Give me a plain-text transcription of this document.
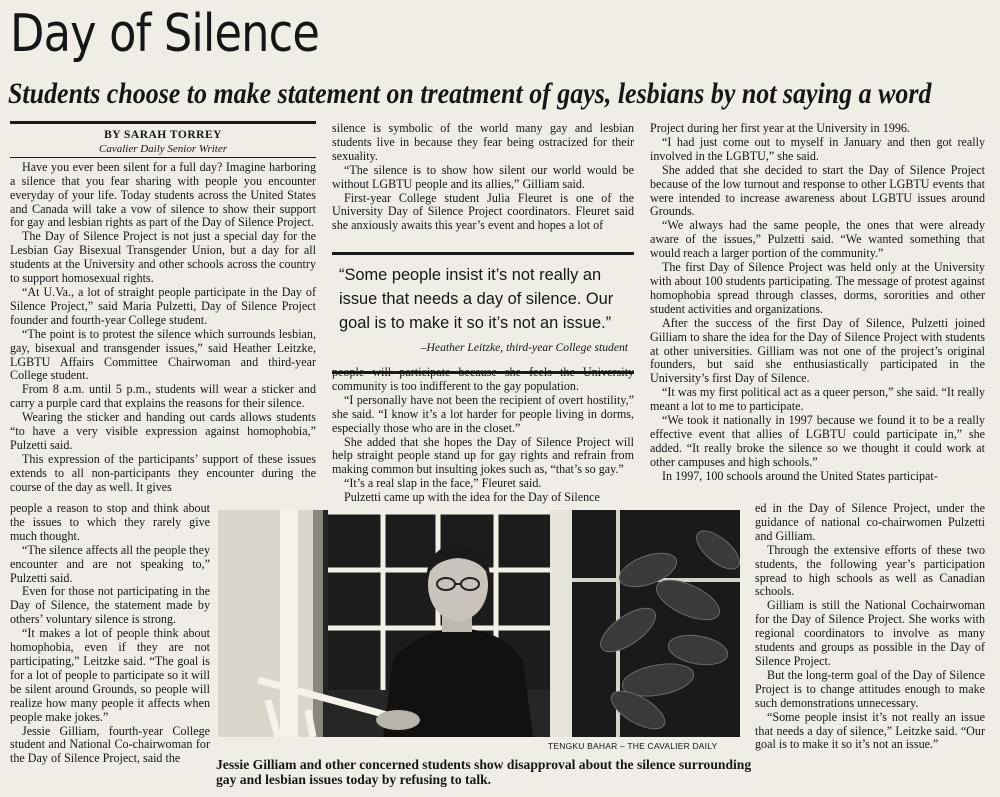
Day of Silence
Students choose to make statement on treatment of gays, lesbians by not saying a word

BY SARAH TORREY

Cavalier Daily Senior Writer

Have you ever been silent for a full day? Imagine harboring a silence that you fear sharing with people you encounter everyday of your life. Today students across the United States and Canada will take a vow of silence to show their support for gay and lesbian rights as part of the Day of Silence Project.

The Day of Silence Project is not just a special day for the Lesbian Gay Bisexual Transgender Union, but a day for all students at the University and other schools across the country to support homosexual rights.

“At U.Va., a lot of straight people participate in the Day of Silence Project,” said Maria Pulzetti, Day of Silence Project founder and fourth-year College student.

“The point is to protest the silence which surrounds lesbian, gay, bisexual and transgender issues,” said Heather Leitzke, LGBTU Affairs Committee Chairwoman and third-year College student.

From 8 a.m. until 5 p.m., students will wear a sticker and carry a purple card that explains the reasons for their silence.

Wearing the sticker and handing out cards allows students “to have a very visible expression against homophobia,” Pulzetti said.

This expression of the participants’ support of these issues extends to all non-participants they encounter during the course of the day as well. It gives

people a reason to stop and think about the issues to which they rarely give much thought.

“The silence affects all the people they encounter and are not speaking to,” Pulzetti said.

Even for those not participating in the Day of Silence, the statement made by others’ voluntary silence is strong.

“It makes a lot of people think about homophobia, even if they are not participating,” Leitzke said. “The goal is for a lot of people to participate so it will be silent around Grounds, so people will realize how many people it affects when people make jokes.”

Jessie Gilliam, fourth-year College student and National Co-chairwoman for the Day of Silence Project, said the

silence is symbolic of the world many gay and lesbian students live in because they fear being ostracized for their sexuality.

“The silence is to show how silent our world would be without LGBTU people and its allies,” Gilliam said.

First-year College student Julia Fleuret is one of the University Day of Silence Project coordinators. Fleuret said she anxiously awaits this year’s event and hopes a lot of

“Some people insist it’s not really an issue that needs a day of silence. Our goal is to make it so it’s not an issue.”

–Heather Leitzke, third-year College student

people will participate because she feels the University community is too indifferent to the gay population.

“I personally have not been the recipient of overt hostility,” she said. “I know it’s a lot harder for people living in dorms, especially those who are in the closet.”

She added that she hopes the Day of Silence Project will help straight people stand up for gay rights and refrain from making common but insulting jokes such as, “that’s so gay.”

“It’s a real slap in the face,” Fleuret said.

Pulzetti came up with the idea for the Day of Silence

Project during her first year at the University in 1996.

“I had just come out to myself in January and then got really involved in the LGBTU,” she said.

She added that she decided to start the Day of Silence Project because of the low turnout and response to other LGBTU events that were intended to increase awareness about LGBTU issues around Grounds.

“We always had the same people, the ones that were already aware of the issues,” Pulzetti said. “We wanted something that would reach a larger portion of the community.”

The first Day of Silence Project was held only at the University with about 100 students participating. The message of protest against homophobia spread through classes, dorms, sororities and other student activities and organizations.

After the success of the first Day of Silence, Pulzetti joined Gilliam to share the idea for the Day of Silence Project with students at other universities. Gilliam was not one of the project’s original founders, but said she enthusiastically participated in the University’s first Day of Silence.

“It was my first political act as a queer person,” she said. “It really meant a lot to me to participate.

“We took it nationally in 1997 because we found it to be a really effective event that allies of LGBTU could participate in,” she added. “It really broke the silence so we thought it could work at other campuses and high schools.”

In 1997, 100 schools around the United States participat-

ed in the Day of Silence Project, under the guidance of national co-chairwomen Pulzetti and Gilliam.

Through the extensive efforts of these two students, the following year’s participation spread to high schools as well as Canadian schools.

Gilliam is still the National Cochairwoman for the Day of Silence Project. She works with regional coordinators to involve as many students and groups as possible in the Day of Silence Project.

But the long-term goal of the Day of Silence Project is to change attitudes enough to make such demonstrations unnecessary.

“Some people insist it’s not really an issue that needs a day of silence,” Leitzke said. “Our goal is to make it so it’s not an issue.”

TENGKU BAHAR – THE CAVALIER DAILY
Jessie Gilliam and other concerned students show disapproval about the silence surrounding gay and lesbian issues today by refusing to talk.
